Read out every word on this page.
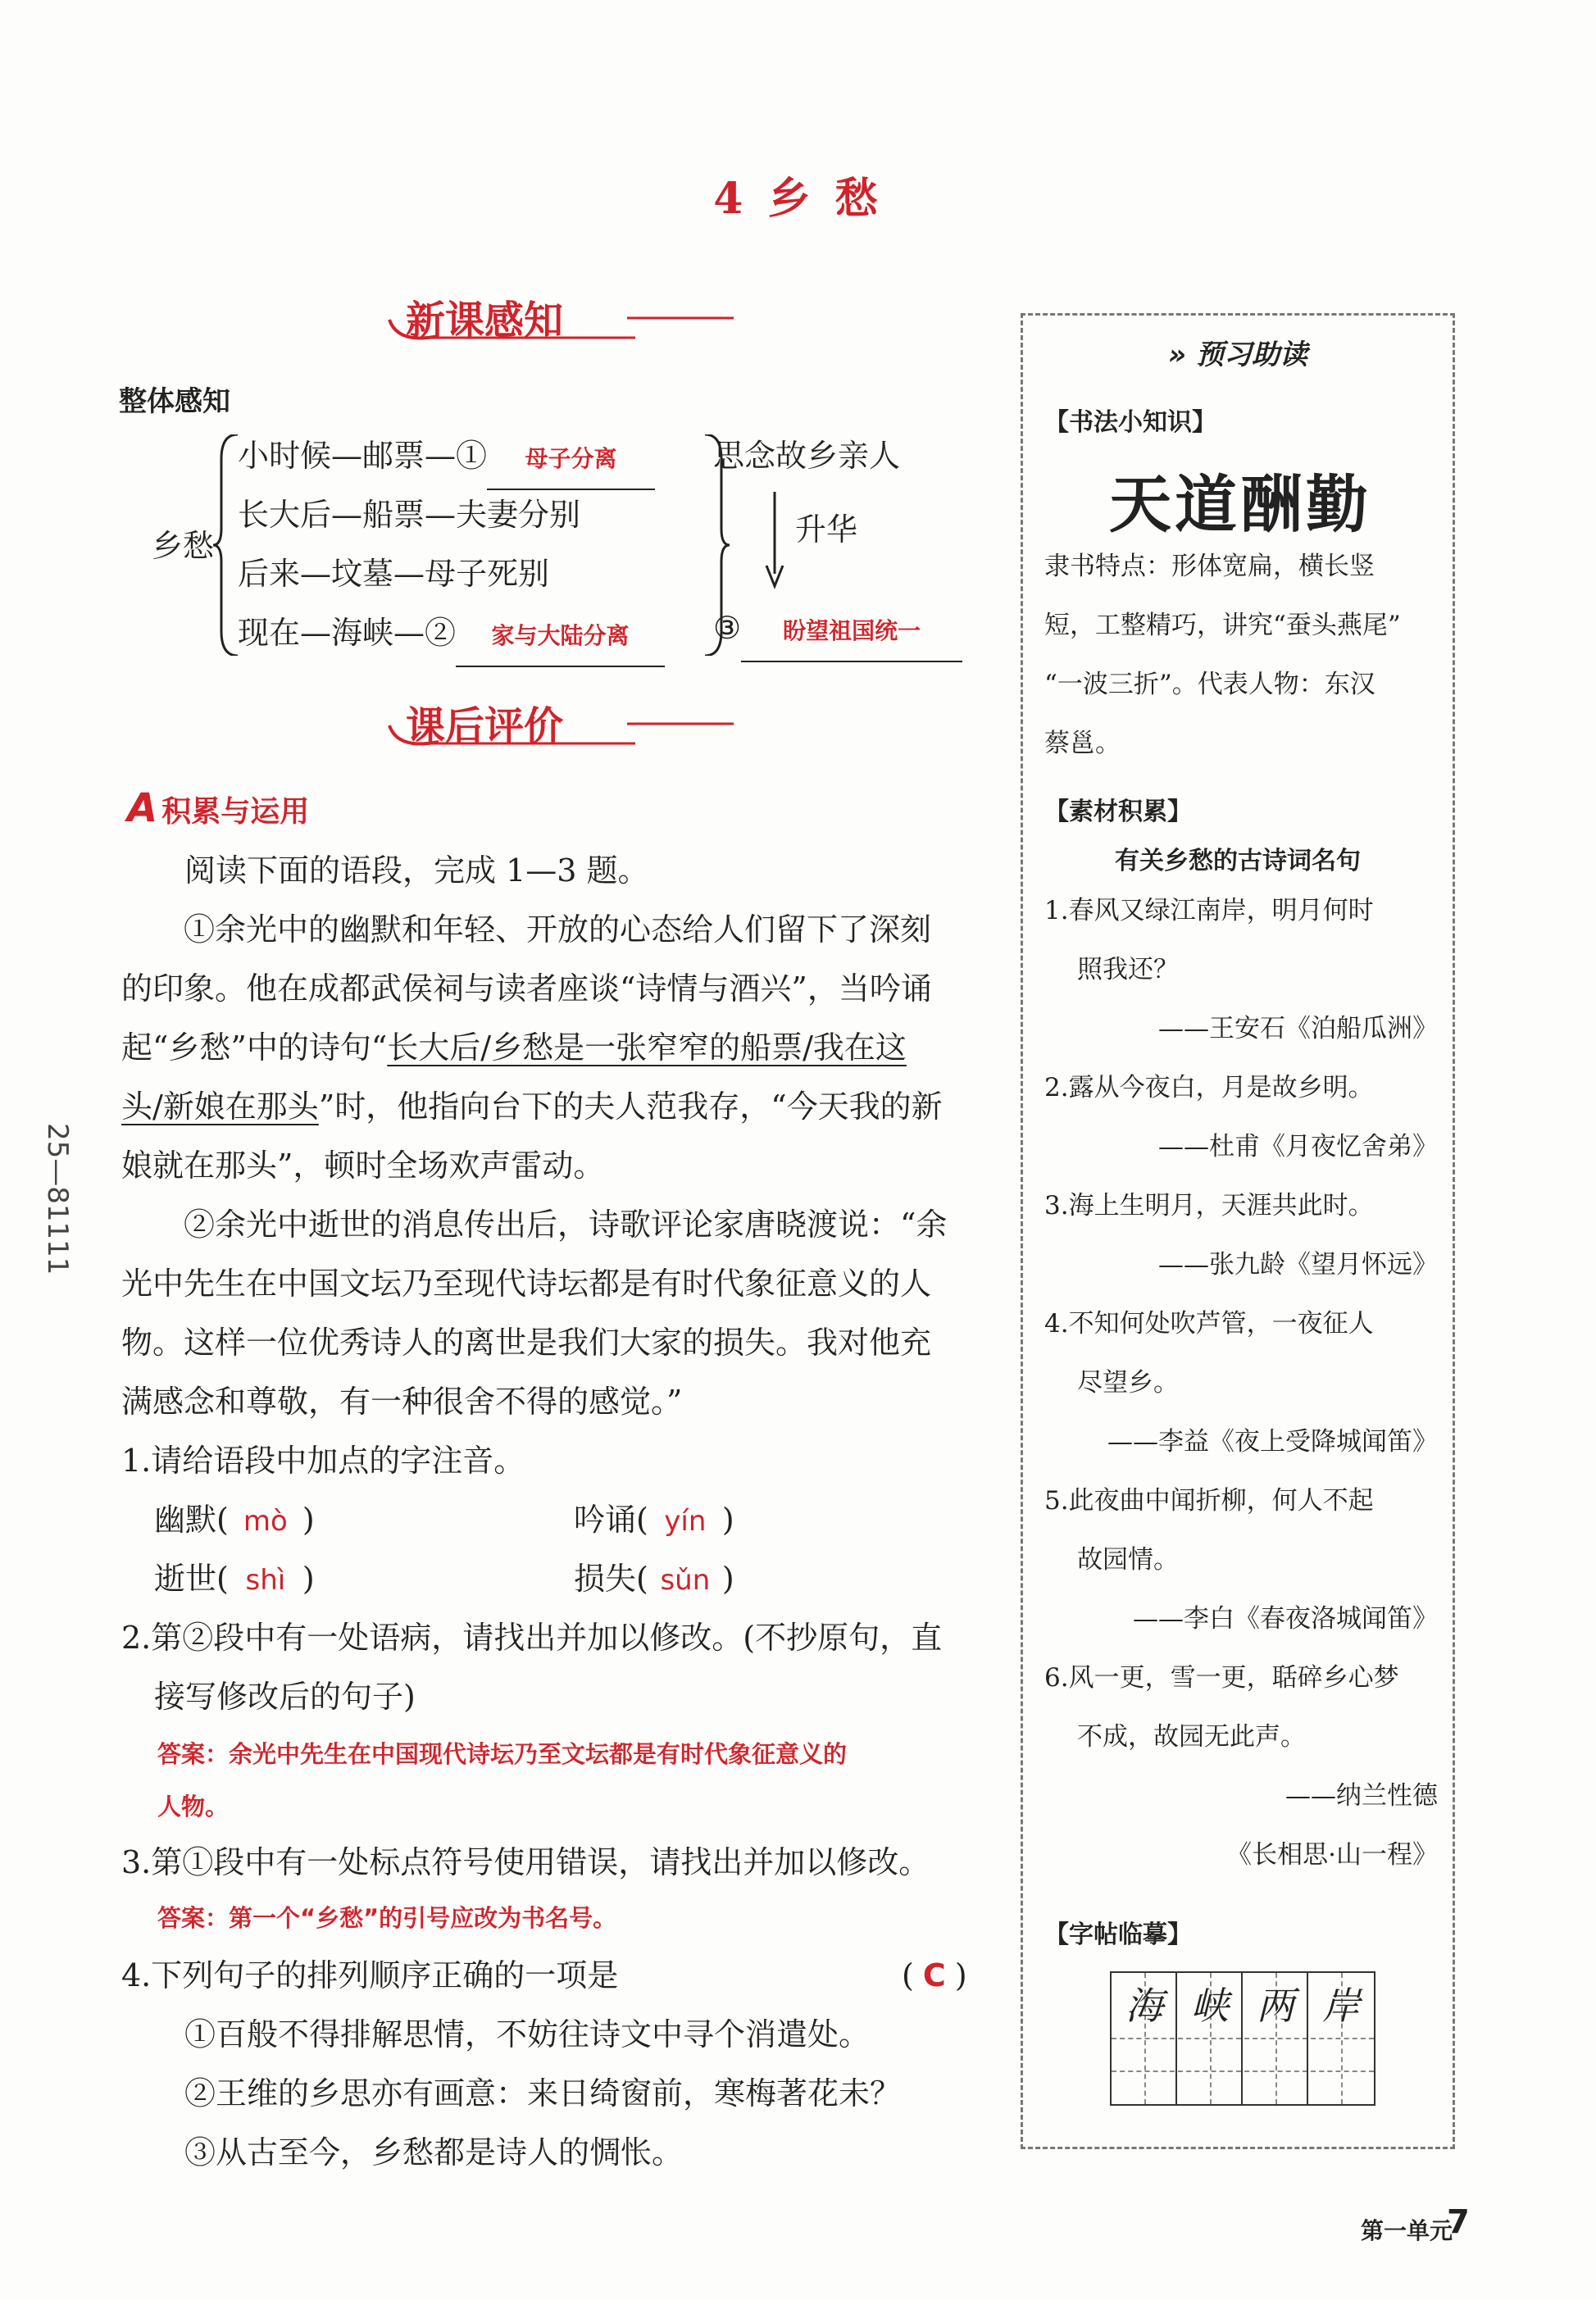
4 乡 愁
新课感知
整体感知
乡愁
小时候—邮票—① 母子分离
长大后—船票—夫妻分别
后来—坟墓—母子死别
现在—海峡—② 家与大陆分离
思念故乡亲人
升华
③ 盼望祖国统一
课后评价
A 积累与运用
阅读下面的语段，完成 1—3 题。
①余光中的幽默和年轻、开放的心态给人们留下了深刻
的印象。他在成都武侯祠与读者座谈“诗情与酒兴”，当吟诵
起“乡愁”中的诗句“长大后/乡愁是一张窄窄的船票/我在这
头/新娘在那头”时，他指向台下的夫人范我存，“今天我的新
娘就在那头”，顿时全场欢声雷动。
②余光中逝世的消息传出后，诗歌评论家唐晓渡说：“余
光中先生在中国文坛乃至现代诗坛都是有时代象征意义的人
物。这样一位优秀诗人的离世是我们大家的损失。我对他充
满感念和尊敬，有一种很舍不得的感觉。”
1.请给语段中加点的字注音。
幽默( mò )	吟诵( yín )
逝世( shì )	损失( sǔn )
2.第②段中有一处语病，请找出并加以修改。(不抄原句，直
接写修改后的句子)
答案：余光中先生在中国现代诗坛乃至文坛都是有时代象征意义的
人物。
3.第①段中有一处标点符号使用错误，请找出并加以修改。
答案：第一个“乡愁”的引号应改为书名号。
4.下列句子的排列顺序正确的一项是	( C )
①百般不得排解思情，不妨往诗文中寻个消遣处。
②王维的乡思亦有画意：来日绮窗前，寒梅著花未？
③从古至今，乡愁都是诗人的惆怅。
25—81111
» 预习助读
【书法小知识】
天道酬勤
隶书特点：形体宽扁，横长竖
短，工整精巧，讲究“蚕头燕尾”
“一波三折”。代表人物：东汉
蔡邕。
【素材积累】
有关乡愁的古诗词名句
1.春风又绿江南岸，明月何时
照我还？
——王安石《泊船瓜洲》
2.露从今夜白，月是故乡明。
——杜甫《月夜忆舍弟》
3.海上生明月，天涯共此时。
——张九龄《望月怀远》
4.不知何处吹芦管，一夜征人
尽望乡。
——李益《夜上受降城闻笛》
5.此夜曲中闻折柳，何人不起
故园情。
——李白《春夜洛城闻笛》
6.风一更，雪一更，聒碎乡心梦
不成，故园无此声。
——纳兰性德
《长相思·山一程》
【字帖临摹】
海 峡 两 岸
第一单元
7
